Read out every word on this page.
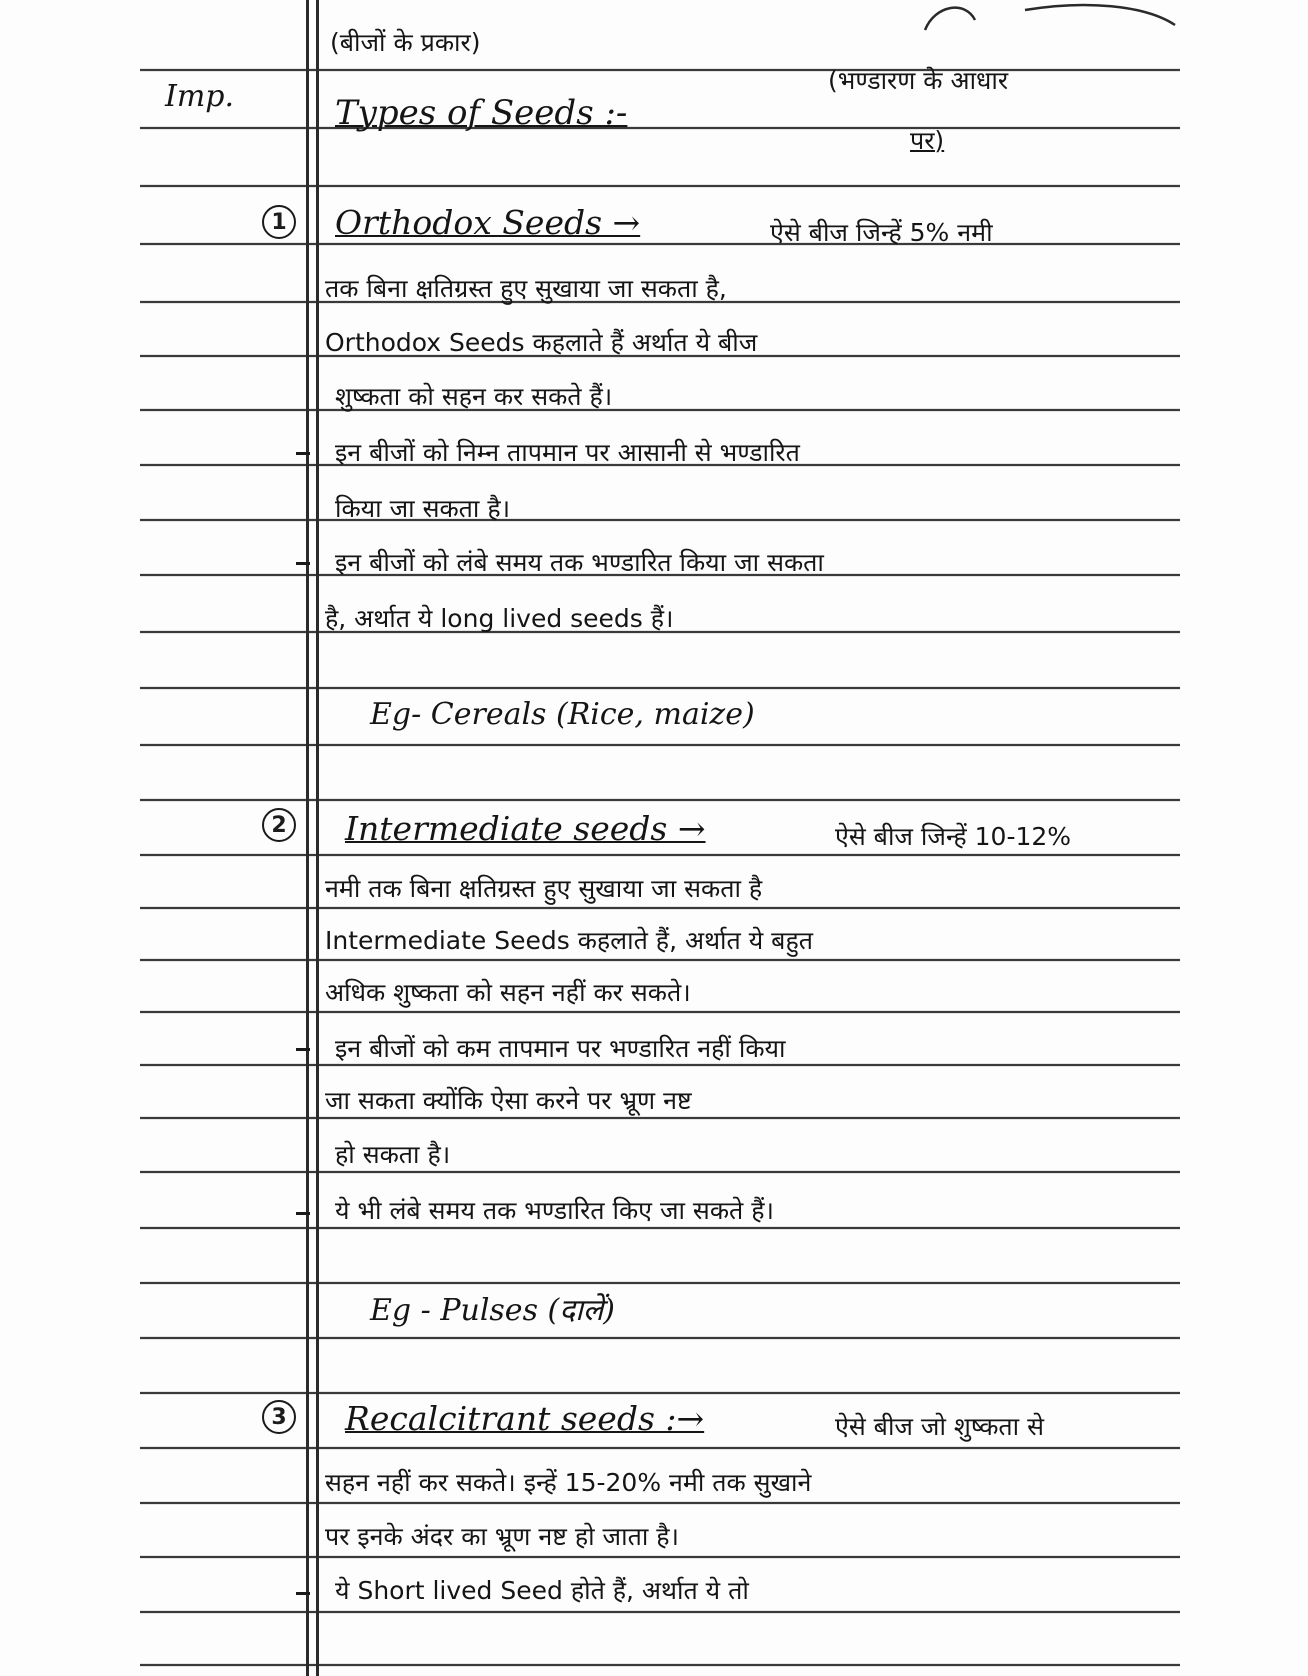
Imp.
(बीजों के प्रकार)
Types of Seeds :-
(भण्डारण के आधार
पर)
1 Orthodox Seeds →	ऐसे बीज जिन्हें 5% नमी
तक बिना क्षतिग्रस्त हुए सुखाया जा सकता है,
Orthodox Seeds कहलाते हैं अर्थात ये बीज
शुष्कता को सहन कर सकते हैं।
इन बीजों को निम्न तापमान पर आसानी से भण्डारित
किया जा सकता है।
इन बीजों को लंबे समय तक भण्डारित किया जा सकता
है, अर्थात ये long lived seeds हैं।
Eg- Cereals (Rice, maize)
2 Intermediate seeds →	ऐसे बीज जिन्हें 10-12%
नमी तक बिना क्षतिग्रस्त हुए सुखाया जा सकता है
Intermediate Seeds कहलाते हैं, अर्थात ये बहुत
अधिक शुष्कता को सहन नहीं कर सकते।
इन बीजों को कम तापमान पर भण्डारित नहीं किया
जा सकता क्योंकि ऐसा करने पर भ्रूण नष्ट
हो सकता है।
ये भी लंबे समय तक भण्डारित किए जा सकते हैं।
Eg - Pulses (दालें)
3 Recalcitrant seeds :→	ऐसे बीज जो शुष्कता से
सहन नहीं कर सकते। इन्हें 15-20% नमी तक सुखाने
पर इनके अंदर का भ्रूण नष्ट हो जाता है।
ये Short lived Seed होते हैं, अर्थात ये तो
